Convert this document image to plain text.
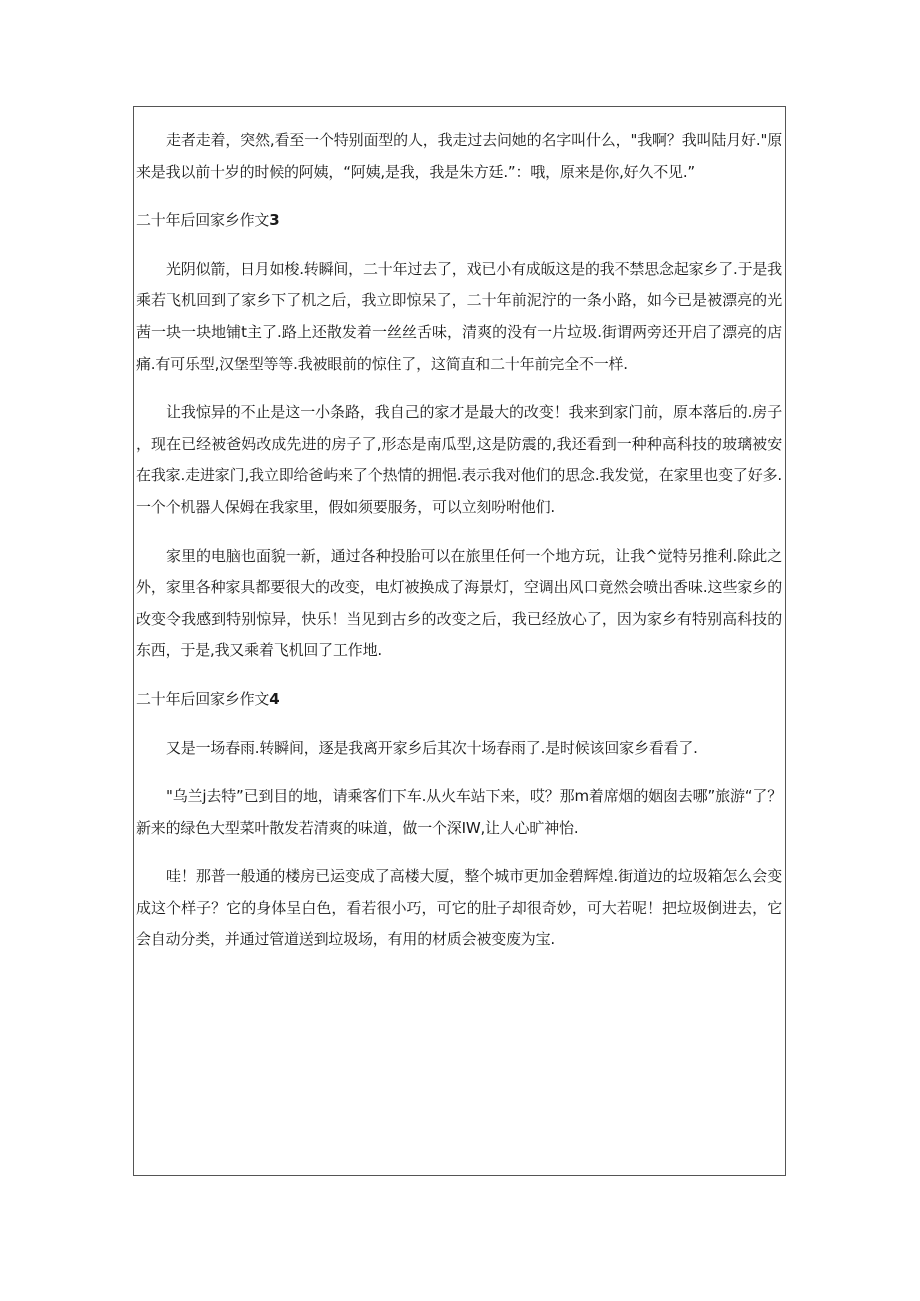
走者走着，突然,看至一个特别面型的人，我走过去问她的名字叫什么，"我啊？我叫陆月好."原来是我以前十岁的时候的阿姨，“阿姨,是我，我是朱方廷.”：哦，原来是你,好久不见.”

二十年后回家乡作文3

光阴似箭，日月如梭.转瞬间，二十年过去了，戏已小有成皈这是的我不禁思念起家乡了.于是我乘若飞机回到了家乡下了机之后，我立即惊呆了，二十年前泥泞的一条小路，如今已是被漂亮的光茜一块一块地铺t主了.路上还散发着一丝丝舌味，清爽的没有一片垃圾.街谓两旁还开启了漂亮的店痛.有可乐型,汉堡型等等.我被眼前的惊住了，这简直和二十年前完全不一样.

让我惊异的不止是这一小条路，我自己的家才是最大的改变！我来到家门前，原本落后的.房子，现在已经被爸妈改成先进的房子了,形态是南瓜型,这是防震的,我还看到一种种高科技的玻璃被安在我家.走进家门,我立即给爸屿来了个热情的拥悒.表示我对他们的思念.我发觉，在家里也变了好多.一个个机器人保姆在我家里，假如须要服务，可以立刻吩咐他们.

家里的电脑也面貌一新，通过各种投胎可以在旅里任何一个地方玩，让我^觉特另推利.除此之外，家里各种家具都要很大的改变，电灯被换成了海景灯，空调出风口竟然会喷出香味.这些家乡的改变令我感到特别惊异，快乐！当见到古乡的改变之后，我已经放心了，因为家乡有特别高科技的东西，于是,我又乘着飞机回了工作地.

二十年后回家乡作文4

又是一场春雨.转瞬间，逐是我离开家乡后其次十场春雨了.是时候该回家乡看看了.

"乌兰j去特”已到目的地，请乘客们下车.从火车站下来，哎？那m着席烟的姻囱去哪”旅游“了？新来的绿色大型菜叶散发若清爽的味道，做一个深IW,让人心旷神怡.

哇！那普一般通的楼房已运变成了高楼大厦，整个城市更加金碧辉煌.街道边的垃圾箱怎么会变成这个样子？它的身体呈白色，看若很小巧，可它的肚子却很奇妙，可大若呢！把垃圾倒进去，它会自动分类，并通过管道送到垃圾场，有用的材质会被变废为宝.
